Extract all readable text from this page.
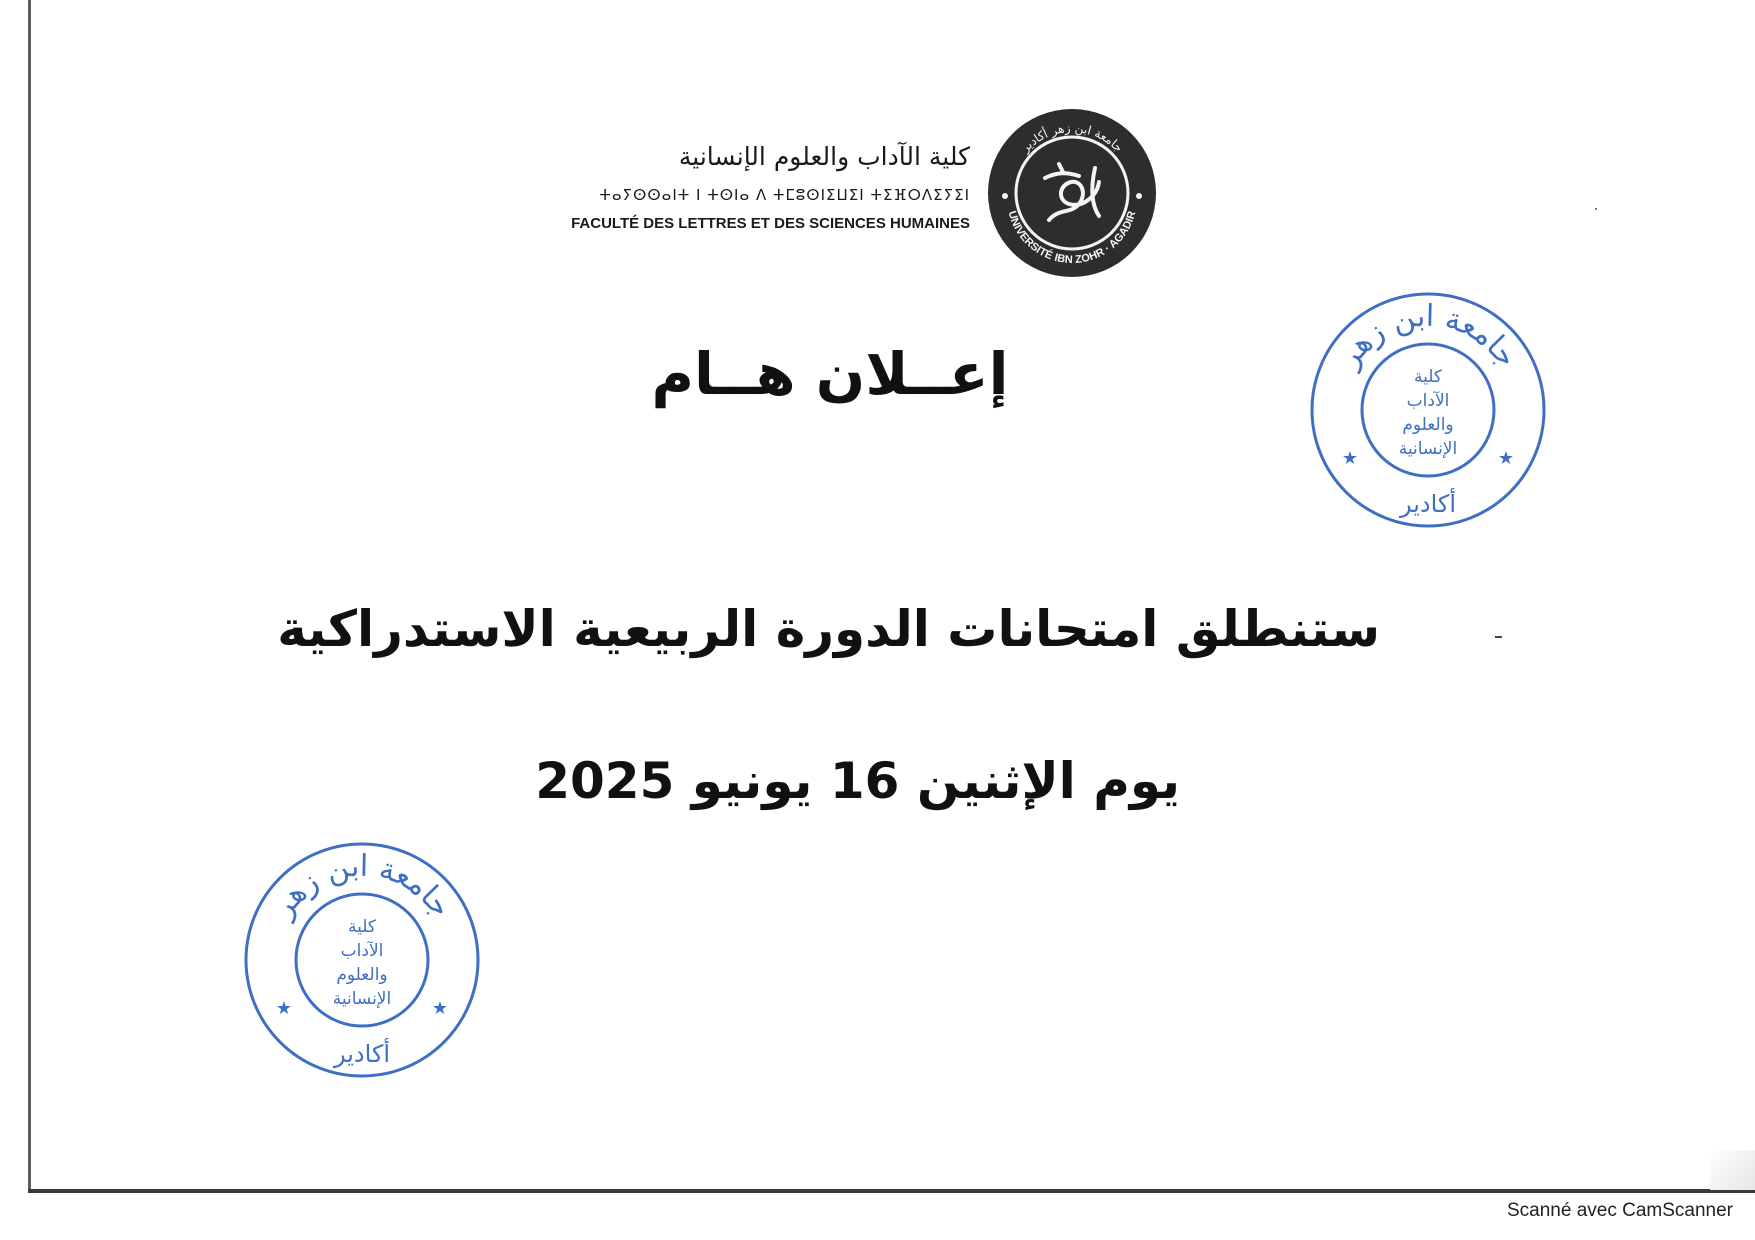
كلية الآداب والعلوم الإنسانية
ⵜⴰⵢⵙⵙⴰⵏⵜ ⵏ ⵜⵙⵏⴰ ⴷ ⵜⵎⵓⵙⵏⵉⵡⵉⵏ ⵜⵉⴼⵔⴷⵉⵢⵉⵏ
FACULTÉ DES LETTRES ET DES SCIENCES HUMAINES
جامعة ابن زهر أكادير
UNIVERSITÉ IBN ZOHR · AGADIR
إعــلان هــام
ستنطلق امتحانات الدورة الربيعية الاستدراكية
يوم الإثنين 16 يونيو 2025
جامعة ابن زهر
كلية
الآداب
والعلوم
الإنسانية
أكادير
★	★
جامعة ابن زهر
كلية
الآداب
والعلوم
الإنسانية
أكادير
★	★
Scanné avec CamScanner
